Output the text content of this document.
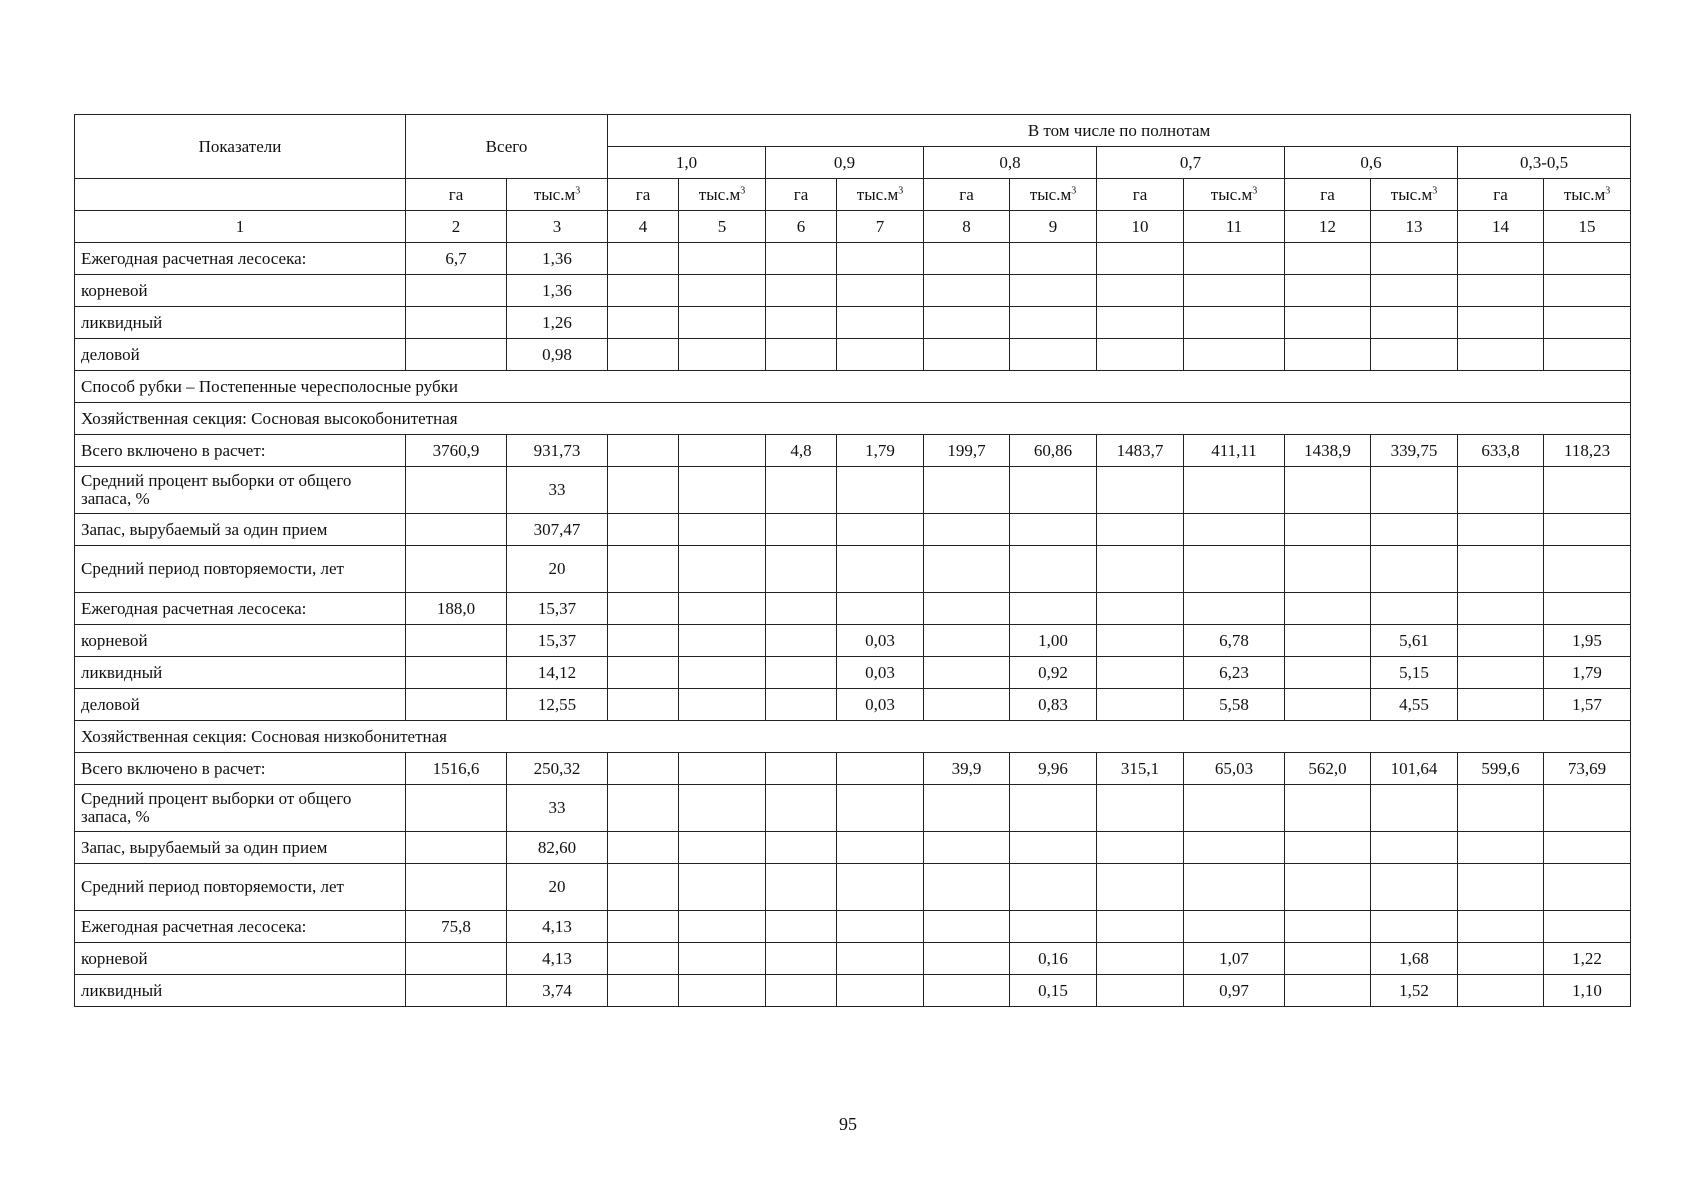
Показатели	Всего		В том числе по полнотам											
			1,0		0,9		0,8		0,7		0,6		0,3-0,5	
	га	$тыс.м^3$	га	$тыс.м^3$	га	$тыс.м^3$	га	$тыс.м^3$	га	$тыс.м^3$	га	$тыс.м^3$	га	$тыс.м^3$
1	2	3	4	5	6	7	8	9	10	11	12	13	14	15
Ежегодная расчетная лесосека:	6,7	1,36												
корневой		1,36												
ликвидный		1,26												
деловой		0,98												
Способ рубки – Постепенные чересполосные рубки														
Хозяйственная секция: Сосновая высокобонитетная														
Всего включено в расчет:	3760,9	931,73			4,8	1,79	199,7	60,86	1483,7	411,11	1438,9	339,75	633,8	118,23
Средний процент выборки от общего запаса, %		33												
Запас, вырубаемый за один прием		307,47												
Средний период повторяемости, лет		20												
Ежегодная расчетная лесосека:	188,0	15,37												
корневой		15,37				0,03		1,00		6,78		5,61		1,95
ликвидный		14,12				0,03		0,92		6,23		5,15		1,79
деловой		12,55				0,03		0,83		5,58		4,55		1,57
Хозяйственная секция: Сосновая низкобонитетная														
Всего включено в расчет:	1516,6	250,32					39,9	9,96	315,1	65,03	562,0	101,64	599,6	73,69
Средний процент выборки от общего запаса, %		33												
Запас, вырубаемый за один прием		82,60												
Средний период повторяемости, лет		20												
Ежегодная расчетная лесосека:	75,8	4,13												
корневой		4,13						0,16		1,07		1,68		1,22
ликвидный		3,74						0,15		0,97		1,52		1,10
95
